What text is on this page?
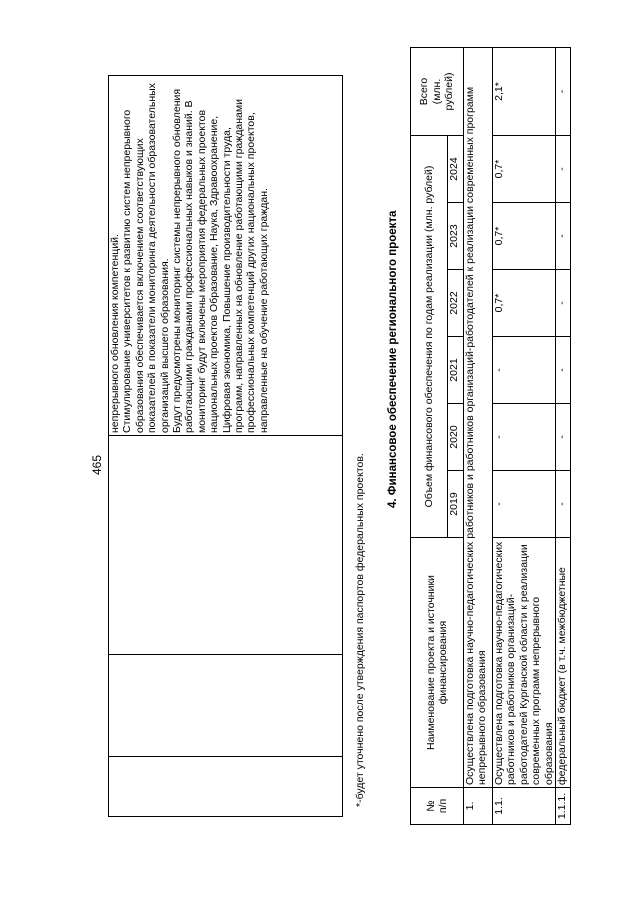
465
			непрерывного обновления компетенций.
Стимулирование университетов к развитию систем непрерывного образования обеспечивается включением соответствующих показателей в показатели мониторинга деятельности образовательных организаций высшего образования.
Будут предусмотрены мониторинг системы непрерывного обновления работающими гражданами профессиональных навыков и знаний. В мониторинг будут включены мероприятия федеральных проектов национальных проектов Образование, Наука, Здравоохранение, Цифровая экономика, Повышение производительности труда, программ, направленных на обновление работающими гражданами профессиональных компетенций других национальных проектов, направленные на обучение работающих граждан.
*-будет уточнено после утверждения паспортов федеральных проектов.
4. Финансовое обеспечение регионального проекта
№
п/п	Наименование проекта и источники финансирования	Объем финансового обеспечения по годам реализации (млн. рублей)						Всего
(млн.
рублей)
		2019	2020	2021	2022	2023	2024	
1.	Осуществлена подготовка научно-педагогических работников и работников организаций-работодателей к реализации современных программ непрерывного образования							
1.1.	Осуществлена подготовка научно-педагогических работников и работников организаций-работодателей Курганской области к реализации современных программ непрерывного образования	-	-	-	0,7*	0,7*	0,7*	2,1*
1.1.1.	федеральный бюджет (в т.ч. межбюджетные	-	-	-	-	-	-	-
